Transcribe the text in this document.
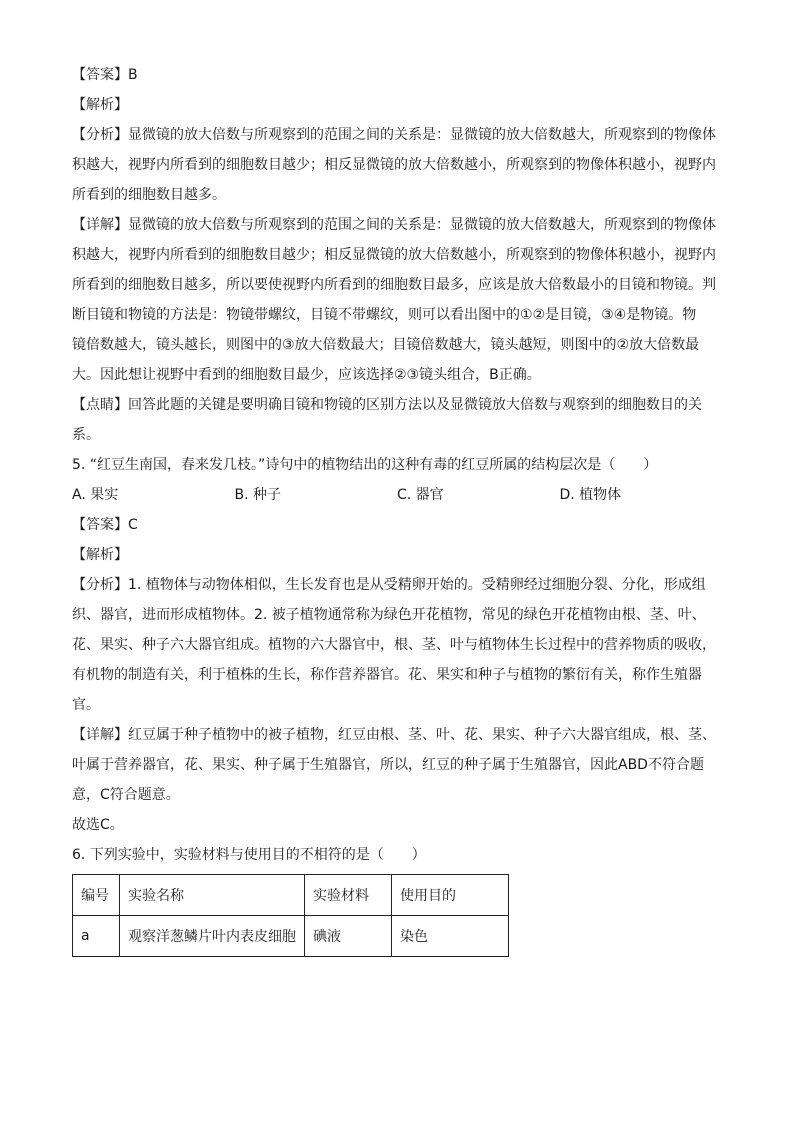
【答案】B
【解析】
【分析】显微镜的放大倍数与所观察到的范围之间的关系是：显微镜的放大倍数越大，所观察到的物像体
积越大，视野内所看到的细胞数目越少；相反显微镜的放大倍数越小，所观察到的物像体积越小，视野内
所看到的细胞数目越多。
【详解】显微镜的放大倍数与所观察到的范围之间的关系是：显微镜的放大倍数越大，所观察到的物像体
积越大，视野内所看到的细胞数目越少；相反显微镜的放大倍数越小，所观察到的物像体积越小，视野内
所看到的细胞数目越多，所以要使视野内所看到的细胞数目最多，应该是放大倍数最小的目镜和物镜。判
断目镜和物镜的方法是：物镜带螺纹，目镜不带螺纹，则可以看出图中的①②是目镜，③④是物镜。物
镜倍数越大，镜头越长，则图中的③放大倍数最大；目镜倍数越大，镜头越短，则图中的②放大倍数最
大。因此想让视野中看到的细胞数目最少，应该选择②③镜头组合，B正确。
【点睛】回答此题的关键是要明确目镜和物镜的区别方法以及显微镜放大倍数与观察到的细胞数目的关
系。
5. “红豆生南国，春来发几枝。”诗句中的植物结出的这种有毒的红豆所属的结构层次是（　　）
A. 果实	B. 种子	C. 器官	D. 植物体
【答案】C
【解析】
【分析】1. 植物体与动物体相似，生长发育也是从受精卵开始的。受精卵经过细胞分裂、分化，形成组
织、器官，进而形成植物体。2. 被子植物通常称为绿色开花植物，常见的绿色开花植物由根、茎、叶、
花、果实、种子六大器官组成。植物的六大器官中，根、茎、叶与植物体生长过程中的营养物质的吸收，
有机物的制造有关，利于植株的生长，称作营养器官。花、果实和种子与植物的繁衍有关，称作生殖器
官。
【详解】红豆属于种子植物中的被子植物，红豆由根、茎、叶、花、果实、种子六大器官组成，根、茎、
叶属于营养器官，花、果实、种子属于生殖器官，所以，红豆的种子属于生殖器官，因此ABD不符合题
意，C符合题意。
故选C。
6. 下列实验中，实验材料与使用目的不相符的是（　　）
编号	实验名称	实验材料	使用目的
a	观察洋葱鳞片叶内表皮细胞	碘液	染色
